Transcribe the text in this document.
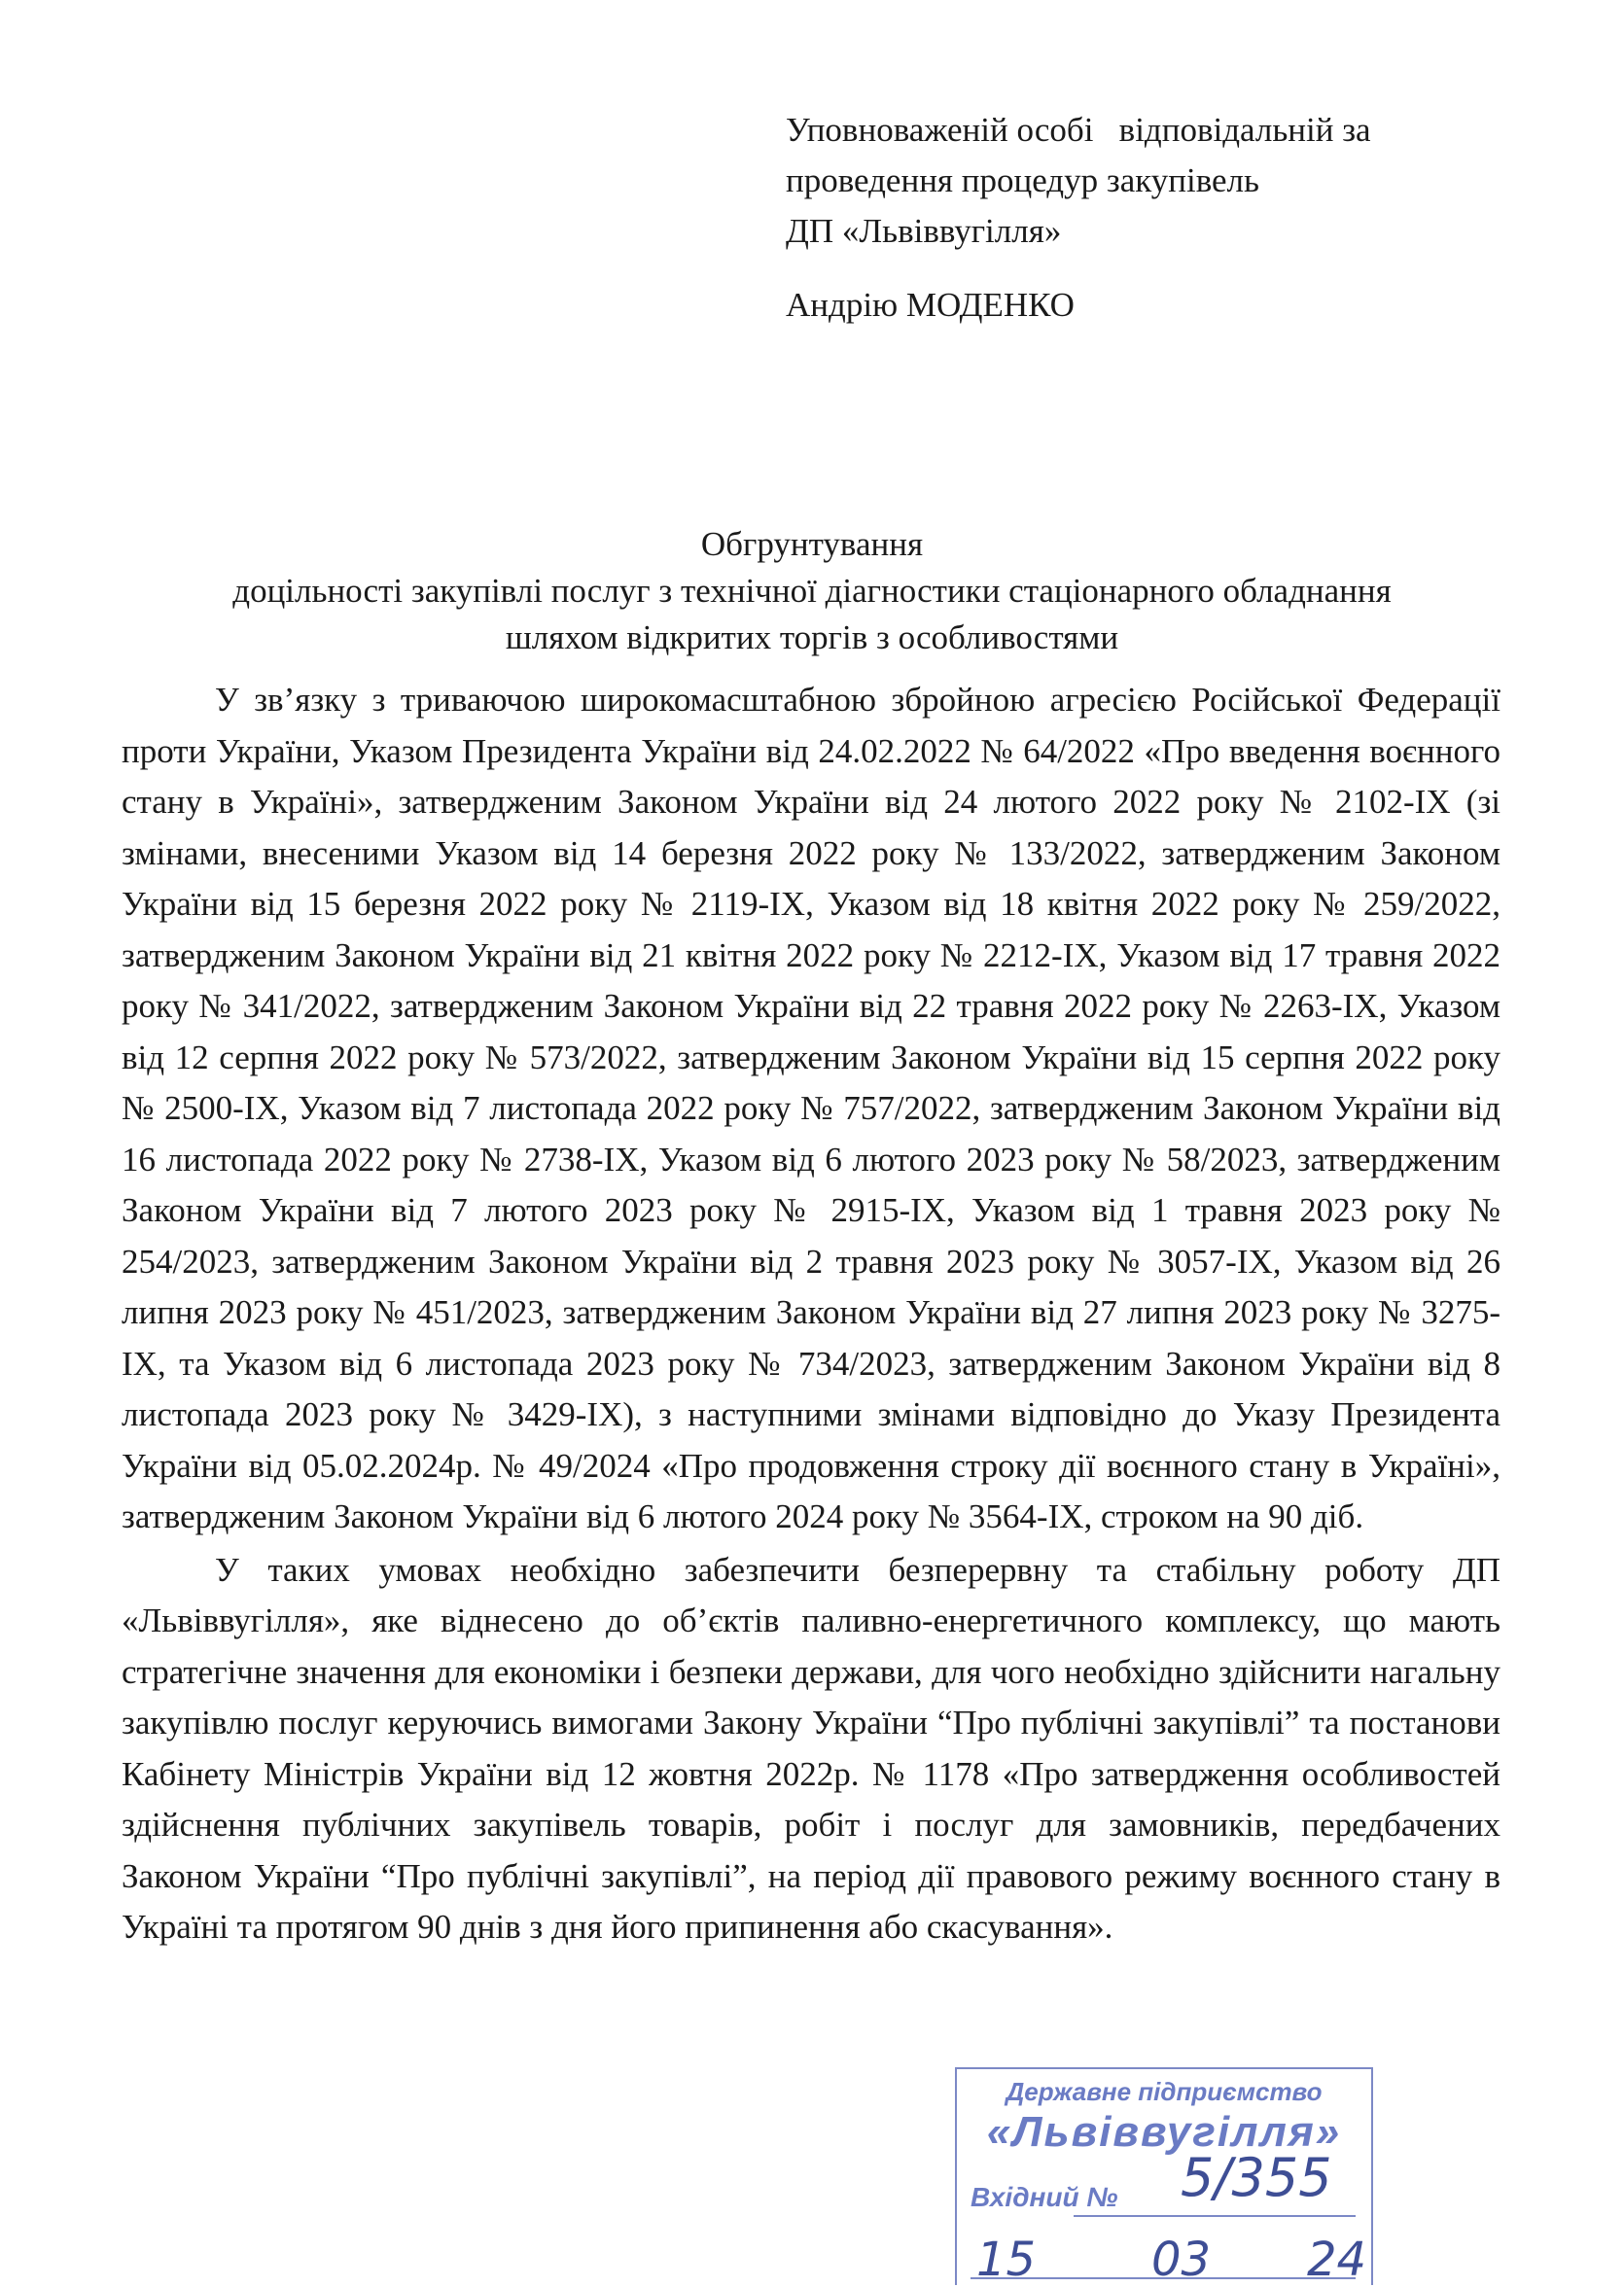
Уповноваженій особі   відповідальній за
проведення процедур закупівель
ДП «Львіввугілля»
Андрію МОДЕНКО
Обгрунтування
доцільності закупівлі послуг з технічної діагностики стаціонарного обладнання
шляхом відкритих торгів з особливостями

У зв’язку з триваючою широкомасштабною збройною агресією Російської Федерації проти України, Указом Президента України від 24.02.2022 № 64/2022 «Про введення воєнного стану в Україні», затвердженим Законом України від 24 лютого 2022 року № 2102-IX (зі змінами, внесеними Указом від 14 березня 2022 року № 133/2022, затвердженим Законом України від 15 березня 2022 року № 2119-IX, Указом від 18 квітня 2022 року № 259/2022, затвердженим Законом України від 21 квітня 2022 року № 2212-IX, Указом від 17 травня 2022 року № 341/2022, затвердженим Законом України від 22 травня 2022 року № 2263-IX, Указом від 12 серпня 2022 року № 573/2022, затвердженим Законом України від 15 серпня 2022 року № 2500-IX, Указом від 7 листопада 2022 року № 757/2022, затвердженим Законом України від 16 листопада 2022 року № 2738-IX, Указом від 6 лютого 2023 року № 58/2023, затвердженим Законом України від 7 лютого 2023 року № 2915-IX, Указом від 1 травня 2023 року № 254/2023, затвердженим Законом України від 2 травня 2023 року № 3057-IX, Указом від 26 липня 2023 року № 451/2023, затвердженим Законом України від 27 липня 2023 року № 3275-IX, та Указом від 6 листопада 2023 року № 734/2023, затвердженим Законом України від 8 листопада 2023 року № 3429-IX), з наступними змінами відповідно до Указу Президента України від 05.02.2024р. № 49/2024 «Про продовження строку дії воєнного стану в Україні», затвердженим Законом України від 6 лютого 2024 року № 3564-IX, строком на 90 діб.

У таких умовах необхідно забезпечити безперервну та стабільну роботу ДП «Львіввугілля», яке віднесено до об’єктів паливно-енергетичного комплексу, що мають стратегічне значення для економіки і безпеки держави, для чого необхідно здійснити нагальну закупівлю послуг керуючись вимогами Закону України “Про публічні закупівлі” та постанови Кабінету Міністрів України від 12 жовтня 2022р. № 1178 «Про затвердження особливостей здійснення публічних закупівель товарів, робіт і послуг для замовників, передбачених Законом України “Про публічні закупівлі”, на період дії правового режиму воєнного стану в Україні та протягом 90 днів з дня його припинення або скасування».

Державне підприємство
«Львіввугілля»
Вхідний № 5/355
15 03 24
